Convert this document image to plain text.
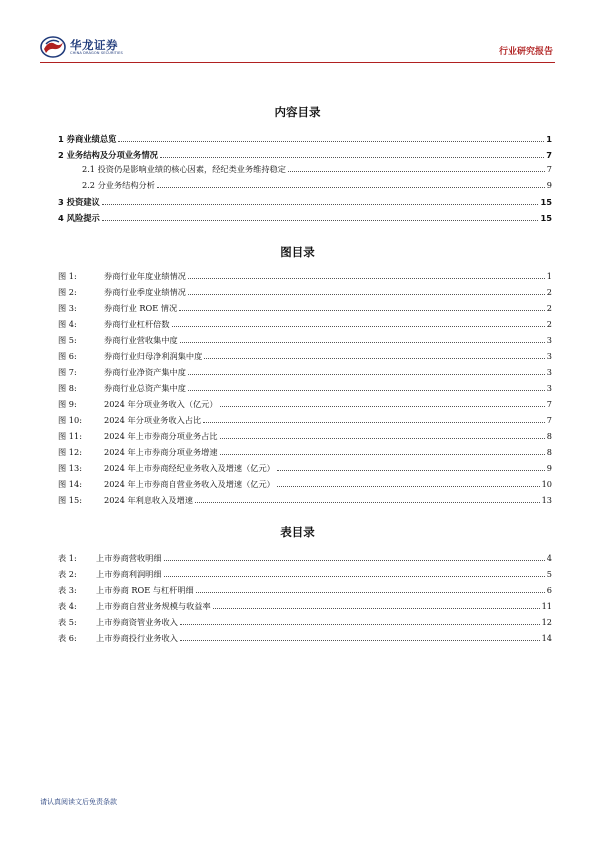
华龙证券
CHINA DRAGON SECURITIES	行业研究报告
内容目录
1 券商业绩总览	1
2 业务结构及分项业务情况	7
2.1 投资仍是影响业绩的核心因素，经纪类业务维持稳定	7
2.2 分业务结构分析	9
3 投资建议	15
4 风险提示	15
图目录
图 1:	券商行业年度业绩情况	1
图 2:	券商行业季度业绩情况	2
图 3:	券商行业 ROE 情况	2
图 4:	券商行业杠杆倍数	2
图 5:	券商行业营收集中度	3
图 6:	券商行业归母净利润集中度	3
图 7:	券商行业净资产集中度	3
图 8:	券商行业总资产集中度	3
图 9:	2024 年分项业务收入（亿元）	7
图 10:	2024 年分项业务收入占比	7
图 11:	2024 年上市券商分项业务占比	8
图 12:	2024 年上市券商分项业务增速	8
图 13:	2024 年上市券商经纪业务收入及增速（亿元）	9
图 14:	2024 年上市券商自营业务收入及增速（亿元）	10
图 15:	2024 年利息收入及增速	13
表目录
表 1: 上市券商营收明细	4
表 2: 上市券商利润明细	5
表 3: 上市券商 ROE 与杠杆明细	6
表 4: 上市券商自营业务规模与收益率	11
表 5: 上市券商资管业务收入	12
表 6: 上市券商投行业务收入	14
请认真阅读文后免责条款
